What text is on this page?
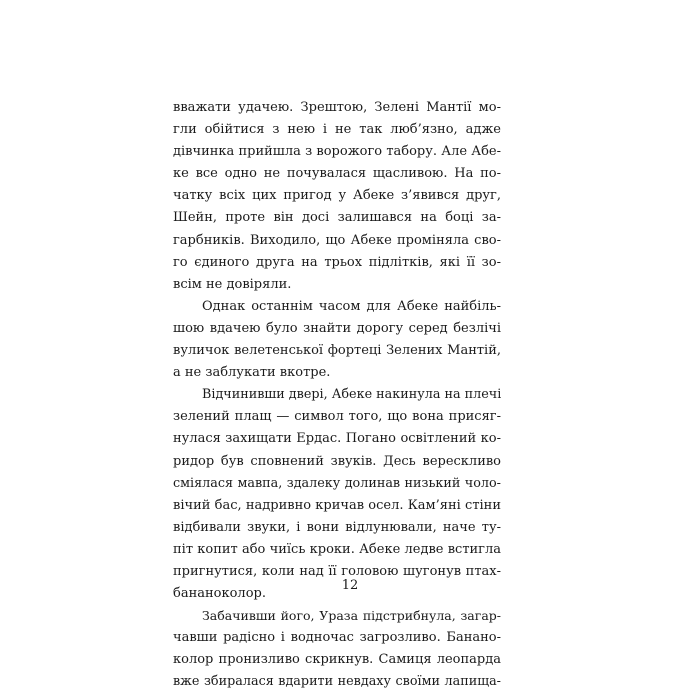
вважати удачею. Зрештою, Зелені Мантії мо-
гли обійтися з нею і не так люб’язно, адже
дівчинка прийшла з ворожого табору. Але Абе-
ке все одно не почувалася щасливою. На по-
чатку всіх цих пригод у Абеке з’явився друг,
Шейн, проте він досі залишався на боці за-
гарбників. Виходило, що Абеке проміняла сво-
го єдиного друга на трьох підлітків, які її зо-
всім не довіряли.
Однак останнім часом для Абеке найбіль-
шою вдачею було знайти дорогу серед безлічі
вуличок велетенської фортеці Зелених Мантій,
а не заблукати вкотре.
Відчинивши двері, Абеке накинула на плечі
зелений плащ — символ того, що вона присяг-
нулася захищати Ердас. Погано освітлений ко-
ридор був сповнений звуків. Десь верескливо
сміялася мавпа, здалеку долинав низький чоло-
вічий бас, надривно кричав осел. Кам’яні стіни
відбивали звуки, і вони відлунювали, наче ту-
піт копит або чиїсь кроки. Абеке ледве встигла
пригнутися, коли над її головою шугонув птах-
бананоколор.
Забачивши його, Ураза підстрибнула, загар-
чавши радісно і водночас загрозливо. Банано-
колор пронизливо скрикнув. Самиця леопарда
вже збиралася вдарити невдаху своїми лапища-
12
